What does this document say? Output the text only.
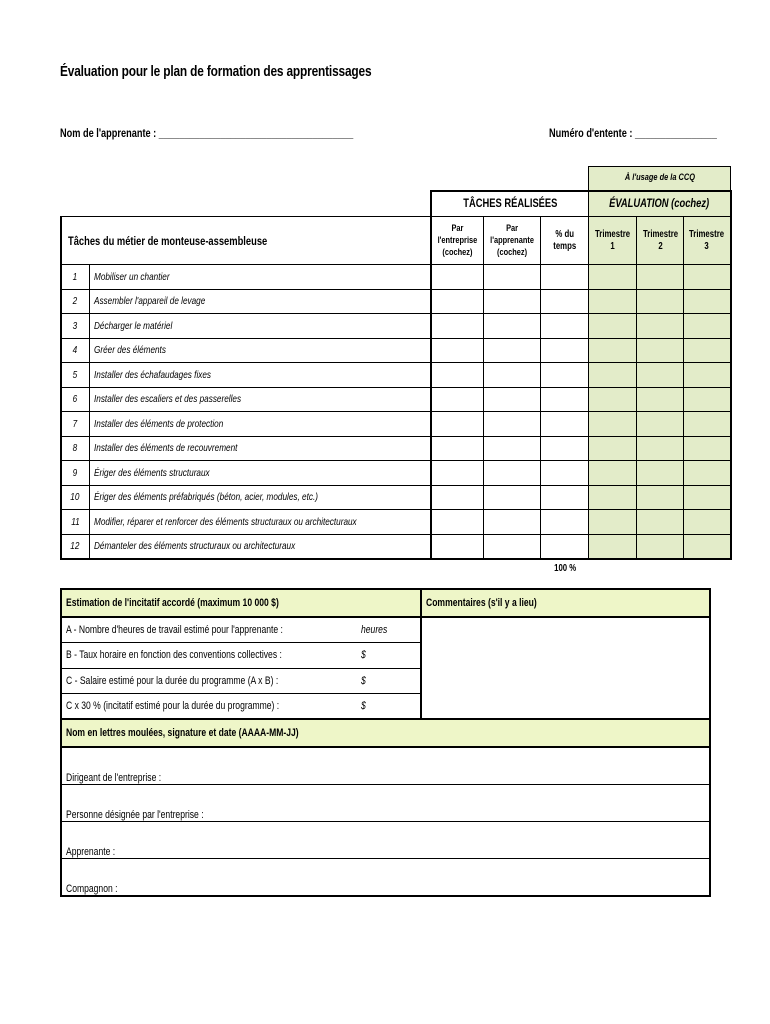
Évaluation pour le plan de formation des apprentissages
Nom de l'apprenante : ______________________________________	Numéro d'entente : ________________
					À l'usage de la CCQ		
		TÂCHES RÉALISÉES			ÉVALUATION (cochez)		
Tâches du métier de monteuse-assembleuse		Par
l'entreprise
(cochez)	Par
l'apprenante
(cochez)	% du
temps	Trimestre
1	Trimestre
2	Trimestre
3
1	Mobiliser un chantier						
2	Assembler l'appareil de levage						
3	Décharger le matériel						
4	Gréer des éléments						
5	Installer des échafaudages fixes						
6	Installer des escaliers et des passerelles						
7	Installer des éléments de protection						
8	Installer des éléments de recouvrement						
9	Ériger des éléments structuraux						
10	Ériger des éléments préfabriqués (béton, acier, modules, etc.)						
11	Modifier, réparer et renforcer des éléments structuraux ou architecturaux						
12	Démanteler des éléments structuraux ou architecturaux						
				100 %			
Estimation de l'incitatif accordé (maximum 10 000 $)		Commentaires (s'il y a lieu)
A - Nombre d'heures de travail estimé pour l'apprenante :	heures	
B - Taux horaire en fonction des conventions collectives :	$	
C - Salaire estimé pour la durée du programme (A x B) :	$	
C x 30 % (incitatif estimé pour la durée du programme) :	$	
Nom en lettres moulées, signature et date (AAAA-MM-JJ)		
Dirigeant de l'entreprise :		
Personne désignée par l'entreprise :		
Apprenante :		
Compagnon :		
